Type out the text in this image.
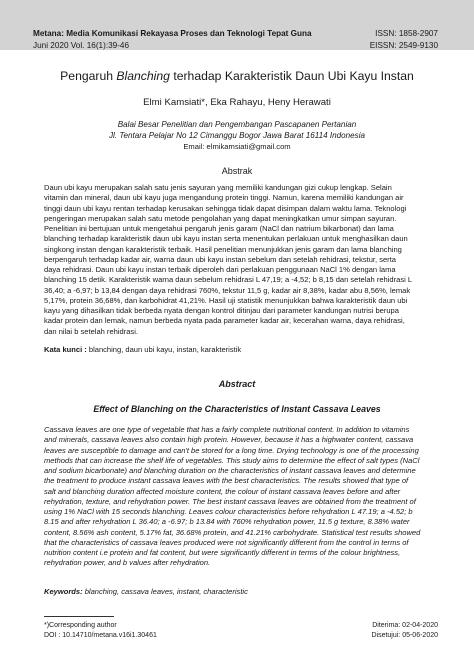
Metana: Media Komunikasi Rekayasa Proses dan Teknologi Tepat Guna
Juni 2020 Vol. 16(1):39-46
ISSN: 1858-2907
EISSN: 2549-9130
Pengaruh Blanching terhadap Karakteristik Daun Ubi Kayu Instan
Elmi Kamsiati*, Eka Rahayu, Heny Herawati
Balai Besar Penelitian dan Pengembangan Pascapanen Pertanian
Jl. Tentara Pelajar No 12 Cimanggu Bogor Jawa Barat 16114 Indonesia
Email: elmikamsiati@gmail.com
Abstrak
Daun ubi kayu merupakan salah satu jenis sayuran yang memiliki kandungan gizi cukup lengkap. Selain
vitamin dan mineral, daun ubi kayu juga mengandung protein tinggi. Namun, karena memiliki kandungan air
tinggi daun ubi kayu rentan terhadap kerusakan sehingga tidak dapat disimpan dalam waktu lama. Teknologi
pengeringan merupakan salah satu metode pengolahan yang dapat meningkatkan umur simpan sayuran.
Penelitian ini bertujuan untuk mengetahui pengaruh jenis garam (NaCl dan natrium bikarbonat) dan lama
blanching terhadap karakteristik daun ubi kayu instan serta menentukan perlakuan untuk menghasilkan daun
singkong instan dengan karakteristik terbaik. Hasil penelitian menunjukkan jenis garam dan lama blanching
berpengaruh terhadap kadar air, warna daun ubi kayu instan sebelum dan setelah rehidrasi, tekstur, serta
daya rehidrasi. Daun ubi kayu instan terbaik diperoleh dari perlakuan penggunaan NaCl 1% dengan lama
blanching 15 detik. Karakteristik warna daun sebelum rehidrasi L 47,19; a -4,52; b 8,15 dan setelah rehidrasi L
36,40; a -6,97; b 13,84 dengan daya rehidrasi 760%, tekstur 11,5 g, kadar air 8,38%, kadar abu 8,56%, lemak
5,17%, protein 36,68%, dan karbohidrat 41,21%. Hasil uji statistik menunjukkan bahwa karakteristik daun ubi
kayu yang dihasilkan tidak berbeda nyata dengan kontrol ditinjau dari parameter kandungan nutrisi berupa
kadar protein dan lemak, namun berbeda nyata pada parameter kadar air, kecerahan warna, daya rehidrasi,
dan nilai b setelah rehidrasi.
Kata kunci : blanching, daun ubi kayu, instan, karakteristik
Abstract
Effect of Blanching on the Characteristics of Instant Cassava Leaves
Cassava leaves are one type of vegetable that has a fairly complete nutritional content. In addition to vitamins
and minerals, cassava leaves also contain high protein. However, because it has a highwater content, cassava
leaves are susceptible to damage and can't be stored for a long time. Drying technology is one of the processing
methods that can increase the shelf life of vegetables. This study aims to determine the effect of salt types (NaCl
and sodium bicarbonate) and blanching duration on the characteristics of instant cassava leaves and determine
the treatment to produce instant cassava leaves with the best characteristics. The results showed that type of
salt and blanching duration affected moisture content, the colour of instant cassava leaves before and after
rehydration, texture, and rehydration power. The best instant cassava leaves are obtained from the treatment of
using 1% NaCl with 15 seconds blanching. Leaves colour characteristics before rehydration L 47.19; a -4.52; b
8.15 and after rehydration L 36.40; a -6.97; b 13.84 with 760% rehydration power, 11.5 g texture, 8.38% water
content, 8.56% ash content, 5.17% fat, 36.68% protein, and 41.21% carbohydrate. Statistical test results showed
that the characteristics of cassava leaves produced were not significantly different from the control in terms of
nutrition content i.e protein and fat content, but were significantly different in terms of the colour brightness,
rehydration power, and b values after rehydration.
Keywords: blanching, cassava leaves, instant, characteristic
*)Corresponding author
DOI : 10.14710/metana.v16i1.30461
Diterima: 02-04-2020
Disetujui: 05-06-2020
